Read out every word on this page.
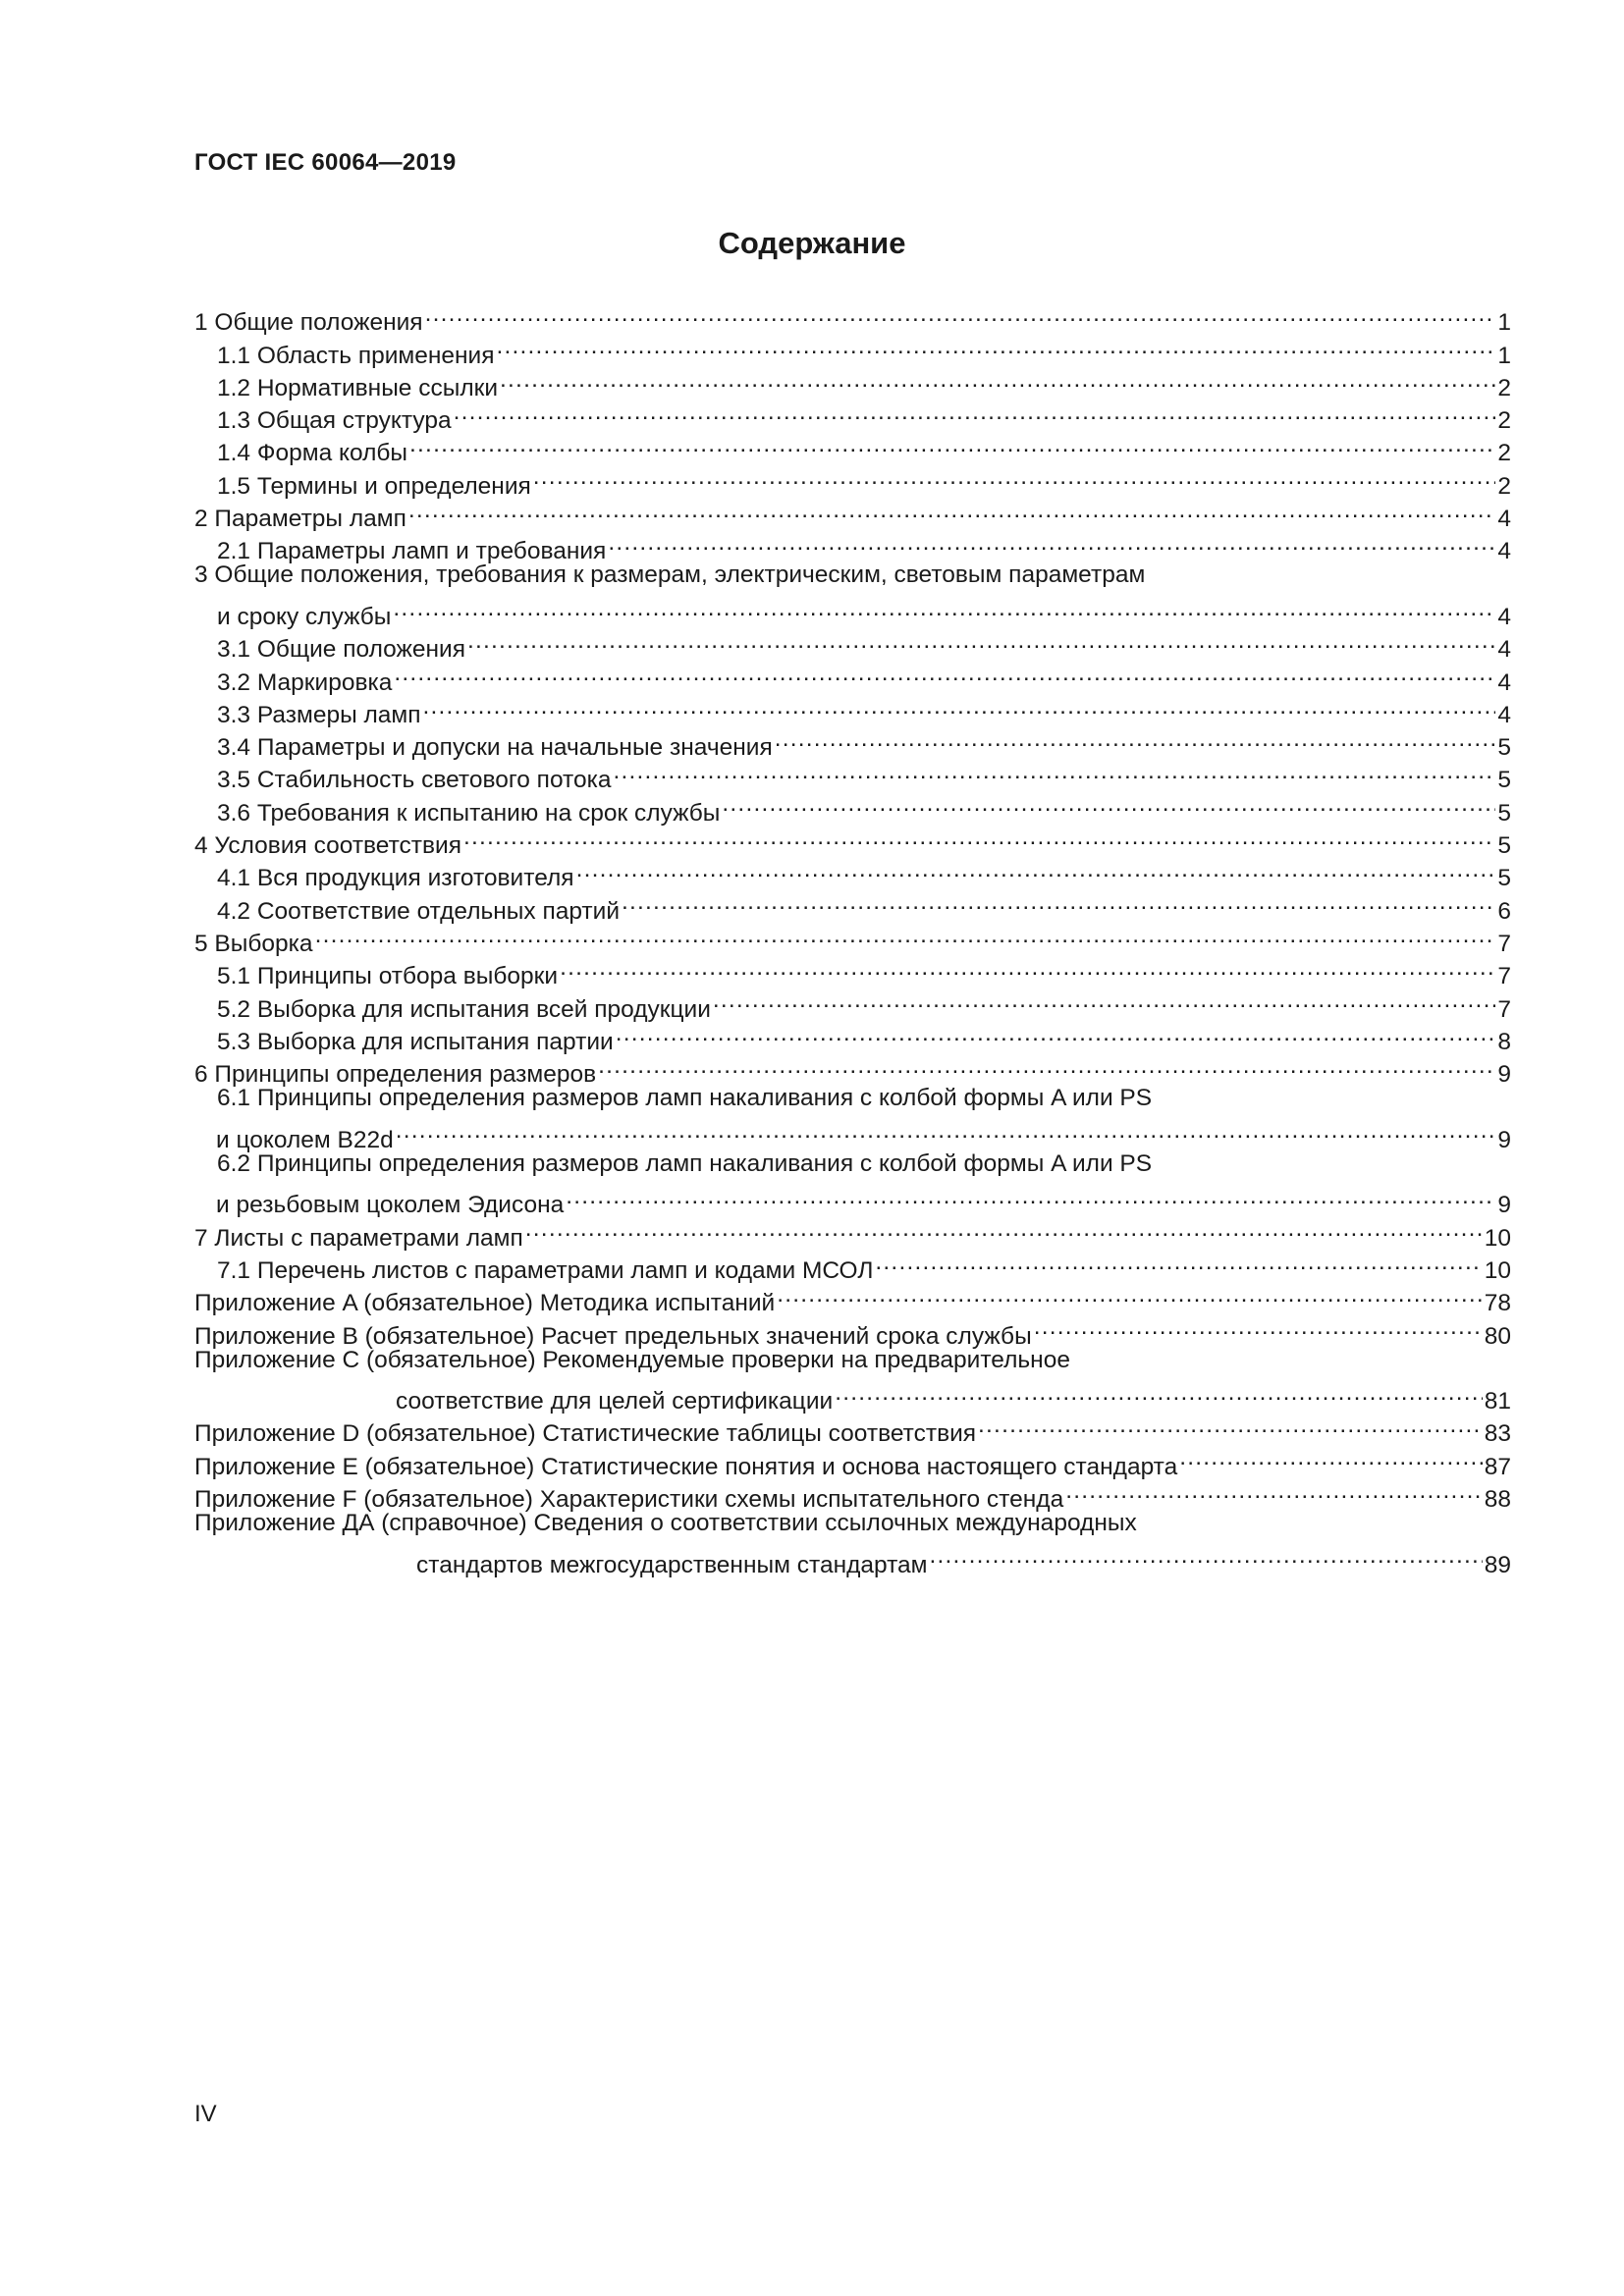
ГОСТ IEC 60064—2019
Содержание
1 Общие положения .....	1
1.1 Область применения .....	1
1.2 Нормативные ссылки .....	2
1.3 Общая структура .....	2
1.4 Форма колбы .....	2
1.5 Термины и определения .....	2
2 Параметры ламп .....	4
2.1 Параметры ламп и требования .....	4
3 Общие положения, требования к размерам, электрическим, световым параметрам
и сроку службы .....	4
3.1 Общие положения .....	4
3.2 Маркировка .....	4
3.3 Размеры ламп .....	4
3.4 Параметры и допуски на начальные значения .....	5
3.5 Стабильность светового потока .....	5
3.6 Требования к испытанию на срок службы .....	5
4 Условия соответствия .....	5
4.1 Вся продукция изготовителя .....	5
4.2 Соответствие отдельных партий .....	6
5 Выборка .....	7
5.1 Принципы отбора выборки .....	7
5.2 Выборка для испытания всей продукции .....	7
5.3 Выборка для испытания партии .....	8
6 Принципы определения размеров .....	9
6.1 Принципы определения размеров ламп накаливания с колбой формы A или PS
и цоколем B22d .....	9
6.2 Принципы определения размеров ламп накаливания с колбой формы A или PS
и резьбовым цоколем Эдисона .....	9
7 Листы с параметрами ламп .....	10
7.1 Перечень листов с параметрами ламп и кодами МСОЛ .....	10
Приложение A (обязательное) Методика испытаний .....	78
Приложение B (обязательное) Расчет предельных значений срока службы .....	80
Приложение C (обязательное) Рекомендуемые проверки на предварительное
соответствие для целей сертификации .....	81
Приложение D (обязательное) Статистические таблицы соответствия .....	83
Приложение E (обязательное) Статистические понятия и основа настоящего стандарта .....	87
Приложение F (обязательное) Характеристики схемы испытательного стенда .....	88
Приложение ДА (справочное) Сведения о соответствии ссылочных международных
стандартов межгосударственным стандартам .....	89
IV
